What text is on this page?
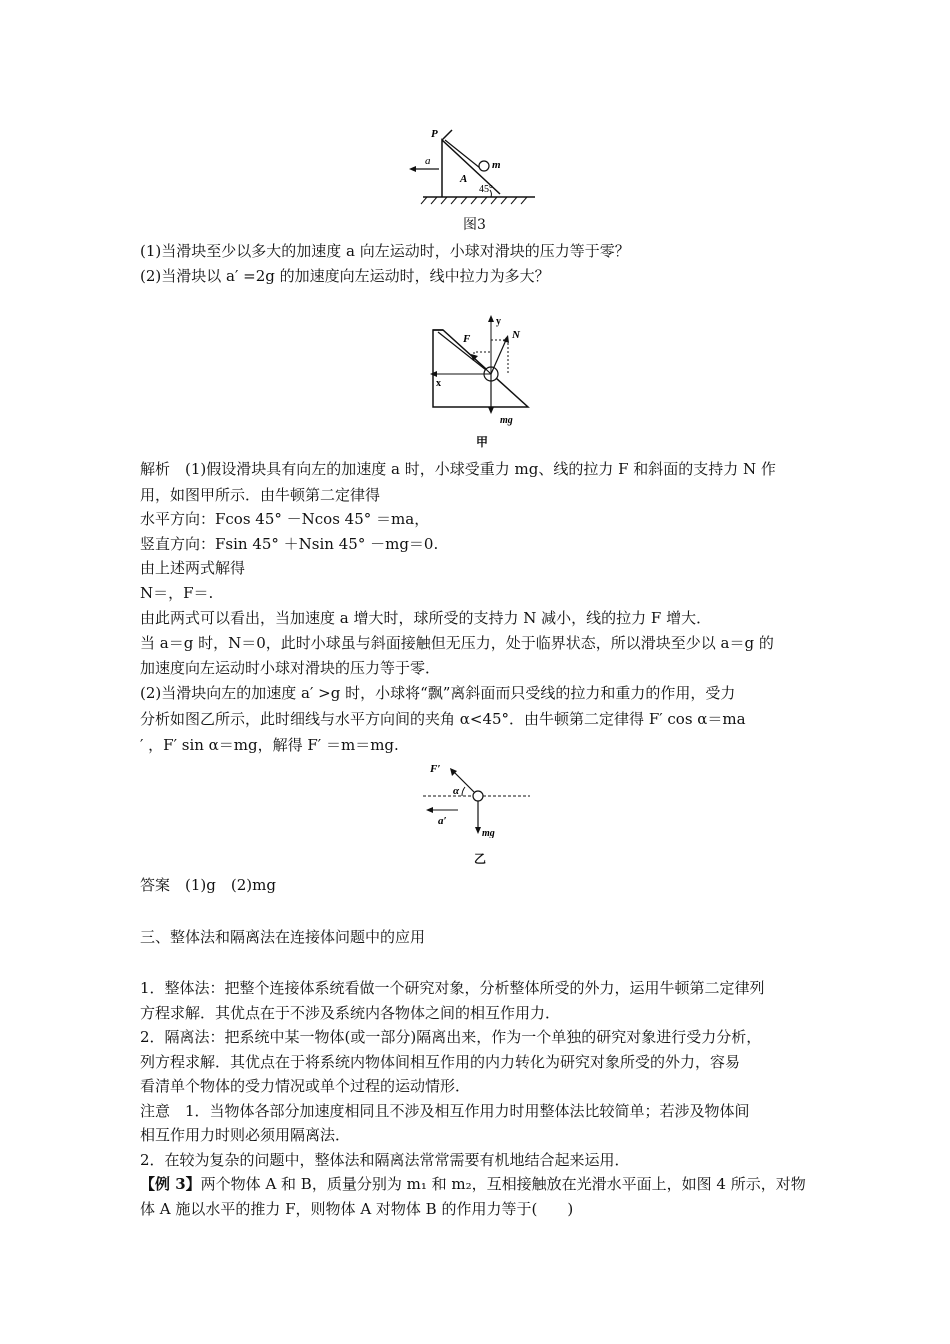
P
a	m
A
45°
图3
(1)当滑块至少以多大的加速度 a 向左运动时，小球对滑块的压力等于零？
(2)当滑块以 a′ =2g 的加速度向左运动时，线中拉力为多大？
F
y
N
x
mg
甲
解析　(1)假设滑块具有向左的加速度 a 时，小球受重力 mg、线的拉力 F 和斜面的支持力 N 作
用，如图甲所示．由牛顿第二定律得
水平方向：Fcos 45° －Ncos 45° ＝ma，
竖直方向：Fsin 45° ＋Nsin 45° －mg＝0.
由上述两式解得
N＝，F＝.
由此两式可以看出，当加速度 a 增大时，球所受的支持力 N 减小，线的拉力 F 增大．
当 a＝g 时，N＝0，此时小球虽与斜面接触但无压力，处于临界状态，所以滑块至少以 a＝g 的
加速度向左运动时小球对滑块的压力等于零．
(2)当滑块向左的加速度 a′ >g 时，小球将“飘”离斜面而只受线的拉力和重力的作用，受力
分析如图乙所示，此时细线与水平方向间的夹角 α<45°．由牛顿第二定律得 F′ cos α＝ma
′ ，F′ sin α＝mg，解得 F′ ＝m＝mg.
F′
α
a′
mg
乙
答案　(1)g　(2)mg
三、整体法和隔离法在连接体问题中的应用
1．整体法：把整个连接体系统看做一个研究对象，分析整体所受的外力，运用牛顿第二定律列
方程求解．其优点在于不涉及系统内各物体之间的相互作用力．
2．隔离法：把系统中某一物体(或一部分)隔离出来，作为一个单独的研究对象进行受力分析，
列方程求解．其优点在于将系统内物体间相互作用的内力转化为研究对象所受的外力，容易
看清单个物体的受力情况或单个过程的运动情形．
注意　1．当物体各部分加速度相同且不涉及相互作用力时用整体法比较简单；若涉及物体间
相互作用力时则必须用隔离法．
2．在较为复杂的问题中，整体法和隔离法常常需要有机地结合起来运用．
【例 3】两个物体 A 和 B，质量分别为 m₁ 和 m₂，互相接触放在光滑水平面上，如图 4 所示，对物
体 A 施以水平的推力 F，则物体 A 对物体 B 的作用力等于(　　)
